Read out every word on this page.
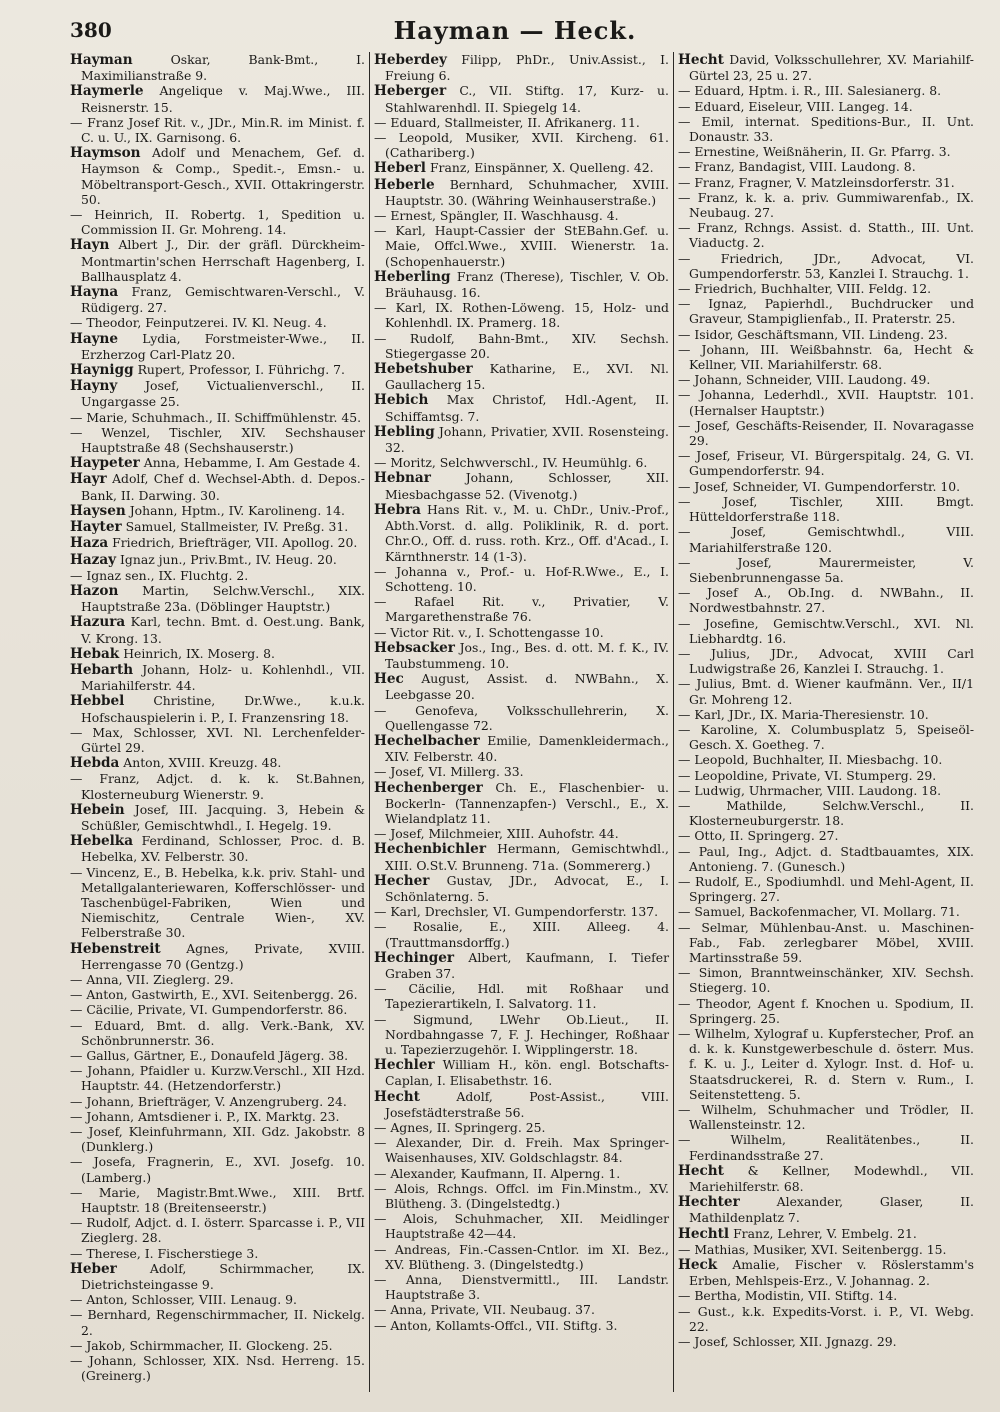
380	Hayman — Heck.

Hayman	Oskar, Bank-Bmt., I. Maximilianstraße 9.

Haymerle Angelique v. Maj.Wwe., III. Reisnerstr. 15.

— Franz Josef Rit. v., JDr., Min.R. im Minist. f. C. u. U., IX. Garnisong. 6.

Haymson Adolf und Menachem, Gef. d. Haymson & Comp., Spedit.-, Emsn.- u. Möbeltransport-Gesch., XVII. Ottakringerstr. 50.

— Heinrich, II. Robertg. 1, Spedition u. Commission II. Gr. Mohreng. 14.

Hayn Albert J., Dir. der gräfl. Dürckheim-Montmartin'schen Herrschaft Hagenberg, I. Ballhausplatz 4.

Hayna Franz, Gemischtwaren-Verschl., V. Rüdigerg. 27.

— Theodor, Feinputzerei. IV. Kl. Neug. 4.

Hayne Lydia, Forstmeister-Wwe., II. Erzherzog Carl-Platz 20.

Haynigg Rupert, Professor, I. Führichg. 7.

Hayny Josef, Victualienverschl., II. Ungargasse 25.

— Marie, Schuhmach., II. Schiffmühlenstr. 45.

— Wenzel, Tischler, XIV. Sechshauser Hauptstraße 48 (Sechshauserstr.)

Haypeter Anna, Hebamme, I. Am Gestade 4.

Hayr Adolf, Chef d. Wechsel-Abth. d. Depos.-Bank, II. Darwing. 30.

Haysen Johann, Hptm., IV. Karolineng. 14.

Hayter Samuel, Stallmeister, IV. Preßg. 31.

Haza Friedrich, Briefträger, VII. Apollog. 20.

Hazay Ignaz jun., Priv.Bmt., IV. Heug. 20.

— Ignaz sen., IX. Fluchtg. 2.

Hazon Martin, Selchw.Verschl., XIX. Hauptstraße 23a. (Döblinger Hauptstr.)

Hazura Karl, techn. Bmt. d. Oest.ung. Bank, V. Krong. 13.

Hebak Heinrich, IX. Moserg. 8.

Hebarth Johann, Holz- u. Kohlenhdl., VII. Mariahilferstr. 44.

Hebbel Christine, Dr.Wwe., k.u.k. Hofschauspielerin i. P., I. Franzensring 18.

— Max, Schlosser, XVI. Nl. Lerchenfelder-Gürtel 29.

Hebda Anton, XVIII. Kreuzg. 48.

— Franz, Adjct. d. k. k. St.Bahnen, Klosterneuburg Wienerstr. 9.

Hebein Josef, III. Jacquing. 3, Hebein & Schüßler, Gemischtwhdl., I. Hegelg. 19.

Hebelka Ferdinand, Schlosser, Proc. d. B. Hebelka, XV. Felberstr. 30.

— Vincenz, E., B. Hebelka, k.k. priv. Stahl- und Metallgalanteriewaren, Kofferschlösser- und Taschenbügel-Fabriken, Wien und Niemischitz, Centrale Wien-, XV. Felberstraße 30.

Hebenstreit Agnes, Private, XVIII. Herrengasse 70 (Gentzg.)

— Anna, VII. Zieglerg. 29.

— Anton, Gastwirth, E., XVI. Seitenbergg. 26.

— Cäcilie, Private, VI. Gumpendorferstr. 86.

— Eduard, Bmt. d. allg. Verk.-Bank, XV. Schönbrunnerstr. 36.

— Gallus, Gärtner, E., Donaufeld Jägerg. 38.

— Johann, Pfaidler u. Kurzw.Verschl., XII Hzd. Hauptstr. 44. (Hetzendorferstr.)

— Johann, Briefträger, V. Anzengruberg. 24.

— Johann, Amtsdiener i. P., IX. Marktg. 23.

— Josef, Kleinfuhrmann, XII. Gdz. Jakobstr. 8 (Dunklerg.)

— Josefa, Fragnerin, E., XVI. Josefg. 10. (Lamberg.)

— Marie, Magistr.Bmt.Wwe., XIII. Brtf. Hauptstr. 18 (Breitenseerstr.)

— Rudolf, Adjct. d. I. österr. Sparcasse i. P., VII Zieglerg. 28.

— Therese, I. Fischerstiege 3.

Heber	Adolf, Schirmmacher, IX. Dietrichsteingasse 9.

— Anton, Schlosser, VIII. Lenaug. 9.

— Bernhard, Regenschirmmacher, II. Nickelg. 2.

— Jakob, Schirmmacher, II. Glockeng. 25.

— Johann, Schlosser, XIX. Nsd. Herreng. 15. (Greinerg.)

Heberdey Filipp, PhDr., Univ.Assist., I. Freiung 6.

Heberger C., VII. Stiftg. 17, Kurz- u. Stahlwarenhdl. II. Spiegelg 14.

— Eduard, Stallmeister, II. Afrikanerg. 11.

— Leopold, Musiker, XVII. Kircheng. 61. (Cathariberg.)

Heberl Franz, Einspänner, X. Quelleng. 42.

Heberle Bernhard, Schuhmacher, XVIII. Hauptstr. 30. (Währing Weinhauserstraße.)

— Ernest, Spängler, II. Waschhausg. 4.

— Karl, Haupt-Cassier der StEBahn.Gef. u. Maie, Offcl.Wwe., XVIII. Wienerstr. 1a. (Schopenhauerstr.)

Heberling Franz (Therese), Tischler, V. Ob. Bräuhausg. 16.

— Karl, IX. Rothen-Löweng. 15, Holz- und Kohlenhdl. IX. Pramerg. 18.

— Rudolf, Bahn-Bmt., XIV. Sechsh. Stiegergasse 20.

Hebetshuber Katharine, E., XVI. Nl. Gaullacherg 15.

Hebich Max Christof, Hdl.-Agent, II. Schiffamtsg. 7.

Hebling Johann, Privatier, XVII. Rosensteing. 32.

— Moritz, Selchwverschl., IV. Heumühlg. 6.

Hebnar	Johann, Schlosser, XII. Miesbachgasse 52. (Vivenotg.)

Hebra Hans Rit. v., M. u. ChDr., Univ.-Prof., Abth.Vorst. d. allg. Poliklinik, R. d. port. Chr.O., Off. d. russ. roth. Krz., Off. d'Acad., I. Kärnthnerstr. 14 (1-3).

— Johanna v., Prof.- u. Hof-R.Wwe., E., I. Schotteng. 10.

— Rafael Rit. v., Privatier, V. Margarethenstraße 76.

— Victor Rit. v., I. Schottengasse 10.

Hebsacker Jos., Ing., Bes. d. ott. M. f. K., IV. Taubstummeng. 10.

Hec August, Assist. d. NWBahn., X. Leebgasse 20.

— Genofeva, Volksschullehrerin, X. Quellengasse 72.

Hechelbacher Emilie, Damenkleidermach., XIV. Felberstr. 40.

— Josef, VI. Millerg. 33.

Hechenberger Ch. E., Flaschenbier- u. Bockerln- (Tannenzapfen-) Verschl., E., X. Wielandplatz 11.

— Josef, Milchmeier, XIII. Auhofstr. 44.

Hechenbichler Hermann, Gemischtwhdl., XIII. O.St.V. Brunneng. 71a. (Sommererg.)

Hecher Gustav, JDr., Advocat, E., I. Schönlaterng. 5.

— Karl, Drechsler, VI. Gumpendorferstr. 137.

— Rosalie, E., XIII. Alleeg. 4. (Trauttmansdorffg.)

Hechinger Albert, Kaufmann, I. Tiefer Graben 37.

— Cäcilie, Hdl. mit Roßhaar und Tapezierartikeln, I. Salvatorg. 11.

— Sigmund, LWehr Ob.Lieut., II. Nordbahngasse 7, F. J. Hechinger, Roßhaar u. Tapezierzugehör. I. Wipplingerstr. 18.

Hechler William H., kön. engl. Botschafts-Caplan, I. Elisabethstr. 16.

Hecht	Adolf, Post-Assist., VIII. Josefstädterstraße 56.

— Agnes, II. Springerg. 25.

— Alexander, Dir. d. Freih. Max Springer-Waisenhauses, XIV. Goldschlagstr. 84.

— Alexander, Kaufmann, II. Alperng. 1.

— Alois, Rchngs. Offcl. im Fin.Minstm., XV. Blütheng. 3. (Dingelstedtg.)

— Alois, Schuhmacher, XII. Meidlinger Hauptstraße 42—44.

— Andreas, Fin.-Cassen-Cntlor. im XI. Bez., XV. Blütheng. 3. (Dingelstedtg.)

— Anna, Dienstvermittl., III. Landstr. Hauptstraße 3.

— Anna, Private, VII. Neubaug. 37.

— Anton, Kollamts-Offcl., VII. Stiftg. 3.

Hecht David, Volksschullehrer, XV. Mariahilf-Gürtel 23, 25 u. 27.

— Eduard, Hptm. i. R., III. Salesianerg. 8.

— Eduard, Eiseleur, VIII. Langeg. 14.

— Emil, internat. Speditions-Bur., II. Unt. Donaustr. 33.

— Ernestine, Weißnäherin, II. Gr. Pfarrg. 3.

— Franz, Bandagist, VIII. Laudong. 8.

— Franz, Fragner, V. Matzleinsdorferstr. 31.

— Franz, k. k. a. priv. Gummiwarenfab., IX. Neubaug. 27.

— Franz, Rchngs. Assist. d. Statth., III. Unt. Viaductg. 2.

— Friedrich, JDr., Advocat, VI. Gumpendorferstr. 53, Kanzlei I. Strauchg. 1.

— Friedrich, Buchhalter, VIII. Feldg. 12.

— Ignaz, Papierhdl., Buchdrucker und Graveur, Stampiglienfab., II. Praterstr. 25.

— Isidor, Geschäftsmann, VII. Lindeng. 23.

— Johann, III. Weißbahnstr. 6a, Hecht & Kellner, VII. Mariahilferstr. 68.

— Johann, Schneider, VIII. Laudong. 49.

— Johanna, Lederhdl., XVII. Hauptstr. 101. (Hernalser Hauptstr.)

— Josef, Geschäfts-Reisender, II. Novaragasse 29.

— Josef, Friseur, VI. Bürgerspitalg. 24, G. VI. Gumpendorferstr. 94.

— Josef, Schneider, VI. Gumpendorferstr. 10.

— Josef, Tischler, XIII. Bmgt. Hütteldorferstraße 118.

— Josef, Gemischtwhdl., VIII. Mariahilferstraße 120.

— Josef, Maurermeister, V. Siebenbrunnengasse 5a.

— Josef A., Ob.Ing. d. NWBahn., II. Nordwestbahnstr. 27.

— Josefine, Gemischtw.Verschl., XVI. Nl. Liebhardtg. 16.

— Julius, JDr., Advocat, XVIII Carl Ludwigstraße 26, Kanzlei I. Strauchg. 1.

— Julius, Bmt. d. Wiener kaufmänn. Ver., II/1 Gr. Mohreng 12.

— Karl, JDr., IX. Maria-Theresienstr. 10.

— Karoline, X. Columbusplatz 5, Speiseöl-Gesch. X. Goetheg. 7.

— Leopold, Buchhalter, II. Miesbachg. 10.

— Leopoldine, Private, VI. Stumperg. 29.

— Ludwig, Uhrmacher, VIII. Laudong. 18.

— Mathilde, Selchw.Verschl., II. Klosterneuburgerstr. 18.

— Otto, II. Springerg. 27.

— Paul, Ing., Adjct. d. Stadtbauamtes, XIX. Antonieng. 7. (Gunesch.)

— Rudolf, E., Spodiumhdl. und Mehl-Agent, II. Springerg. 27.

— Samuel, Backofenmacher, VI. Mollarg. 71.

— Selmar, Mühlenbau-Anst. u. Maschinen-Fab., Fab. zerlegbarer Möbel, XVIII. Martinsstraße 59.

— Simon, Branntweinschänker, XIV. Sechsh. Stiegerg. 10.

— Theodor, Agent f. Knochen u. Spodium, II. Springerg. 25.

— Wilhelm, Xylograf u. Kupferstecher, Prof. an d. k. k. Kunstgewerbeschule d. österr. Mus. f. K. u. J., Leiter d. Xylogr. Inst. d. Hof- u. Staatsdruckerei, R. d. Stern v. Rum., I. Seitenstetteng. 5.

— Wilhelm, Schuhmacher und Trödler, II. Wallensteinstr. 12.

— Wilhelm, Realitätenbes., II. Ferdinandsstraße 27.

Hecht & Kellner, Modewhdl., VII. Mariehilferstr. 68.

Hechter	Alexander, Glaser, II. Mathildenplatz 7.

Hechtl Franz, Lehrer, V. Embelg. 21.

— Mathias, Musiker, XVI. Seitenbergg. 15.

Heck Amalie, Fischer v. Röslerstamm's Erben, Mehlspeis-Erz., V. Johannag. 2.

— Bertha, Modistin, VII. Stiftg. 14.

— Gust., k.k. Expedits-Vorst. i. P., VI. Webg. 22.

— Josef, Schlosser, XII. Jgnazg. 29.
